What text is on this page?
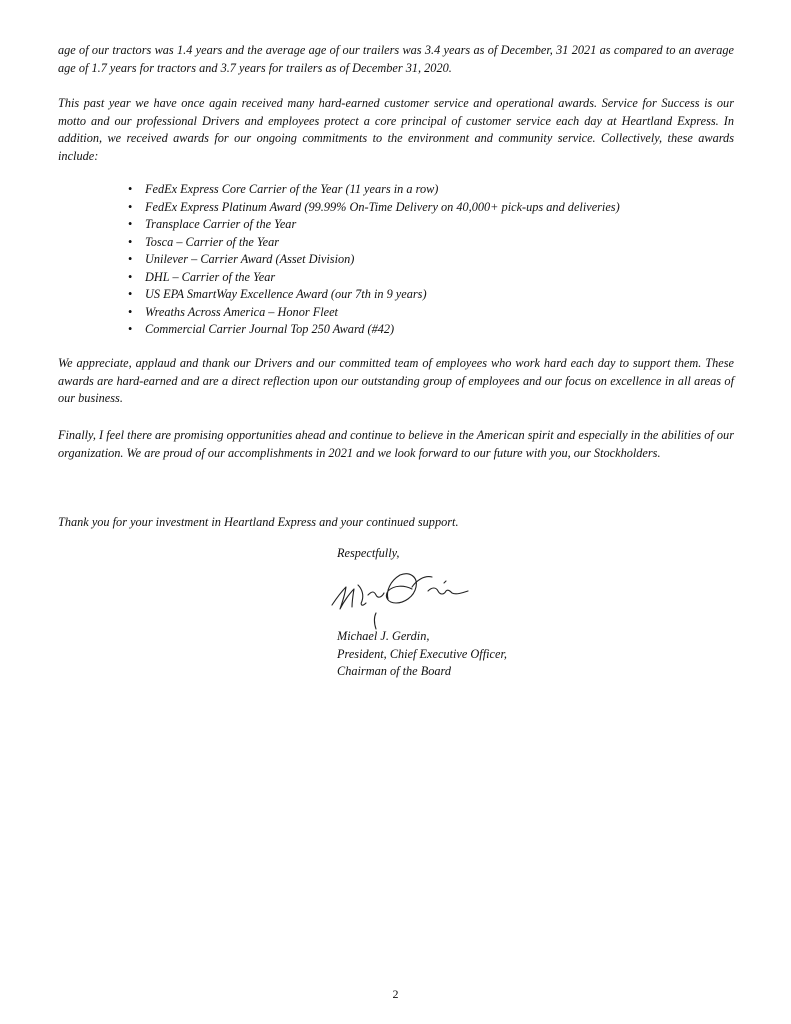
age of our tractors was 1.4 years and the average age of our trailers was 3.4 years as of December, 31 2021 as compared to an average age of 1.7 years for tractors and 3.7 years for trailers as of December 31, 2020.

This past year we have once again received many hard-earned customer service and operational awards. Service for Success is our motto and our professional Drivers and employees protect a core principal of customer service each day at Heartland Express. In addition, we received awards for our ongoing commitments to the environment and community service. Collectively, these awards include:

• FedEx Express Core Carrier of the Year (11 years in a row)
• FedEx Express Platinum Award (99.99% On-Time Delivery on 40,000+ pick-ups and deliveries)
• Transplace Carrier of the Year
• Tosca – Carrier of the Year
• Unilever – Carrier Award (Asset Division)
• DHL – Carrier of the Year
• US EPA SmartWay Excellence Award (our 7th in 9 years)
• Wreaths Across America – Honor Fleet
• Commercial Carrier Journal Top 250 Award (#42)

We appreciate, applaud and thank our Drivers and our committed team of employees who work hard each day to support them. These awards are hard-earned and are a direct reflection upon our outstanding group of employees and our focus on excellence in all areas of our business.

Finally, I feel there are promising opportunities ahead and continue to believe in the American spirit and especially in the abilities of our organization. We are proud of our accomplishments in 2021 and we look forward to our future with you, our Stockholders.

Thank you for your investment in Heartland Express and your continued support.

Respectfully,
Michael J. Gerdin,
President, Chief Executive Officer,
Chairman of the Board
2
